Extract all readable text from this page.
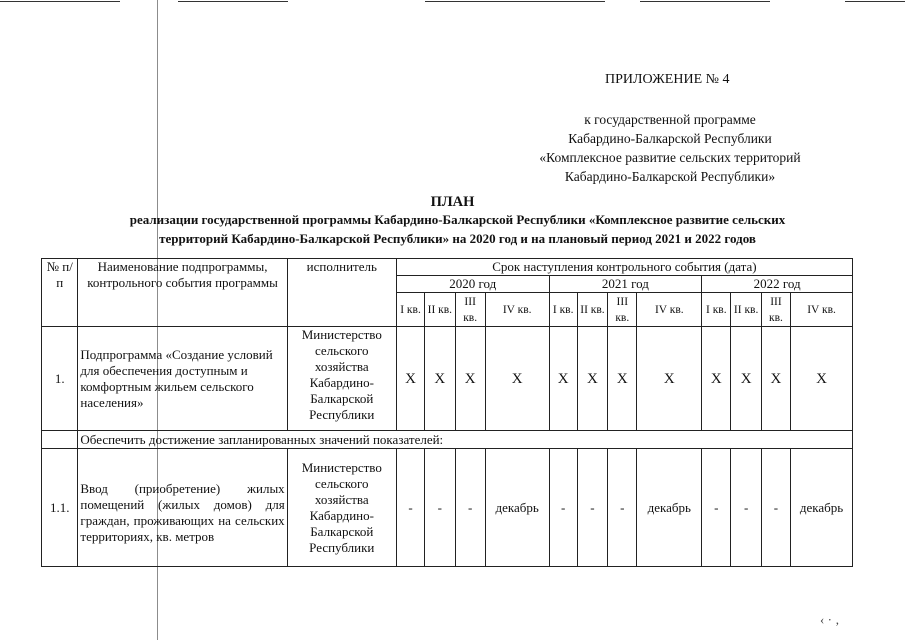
ПРИЛОЖЕНИЕ № 4
к государственной программе
Кабардино-Балкарской Республики
«Комплексное развитие сельских территорий
Кабардино-Балкарской Республики»
ПЛАН
реализации государственной программы Кабардино-Балкарской Республики «Комплексное развитие сельских
территорий Кабардино-Балкарской Республики» на 2020 год и на плановый период 2021 и 2022 годов
№ п/п	Наименование подпрограммы, контрольного события программы	исполнитель	Срок наступления контрольного события (дата)											
			2020 год				2021 год				2022 год			
			I кв.	II кв.	III кв.	IV кв.	I кв.	II кв.	III кв.	IV кв.	I кв.	II кв.	III кв.	IV кв.
1.	Подпрограмма «Создание условий для обеспечения доступным и комфортным жильем сельского населения»	Министерство сельского хозяйства Кабардино-Балкарской Республики	X	X	X	X	X	X	X	X	X	X	X	X
	Обеспечить достижение запланированных значений показателей:													
1.1.	Ввод (приобретение) жилых помещений (жилых домов) для граждан, проживающих на сельских территориях, кв. метров	Министерство сельского хозяйства Кабардино-Балкарской Республики	-	-	-	декабрь	-	-	-	декабрь	-	-	-	декабрь
‹ · ‚
